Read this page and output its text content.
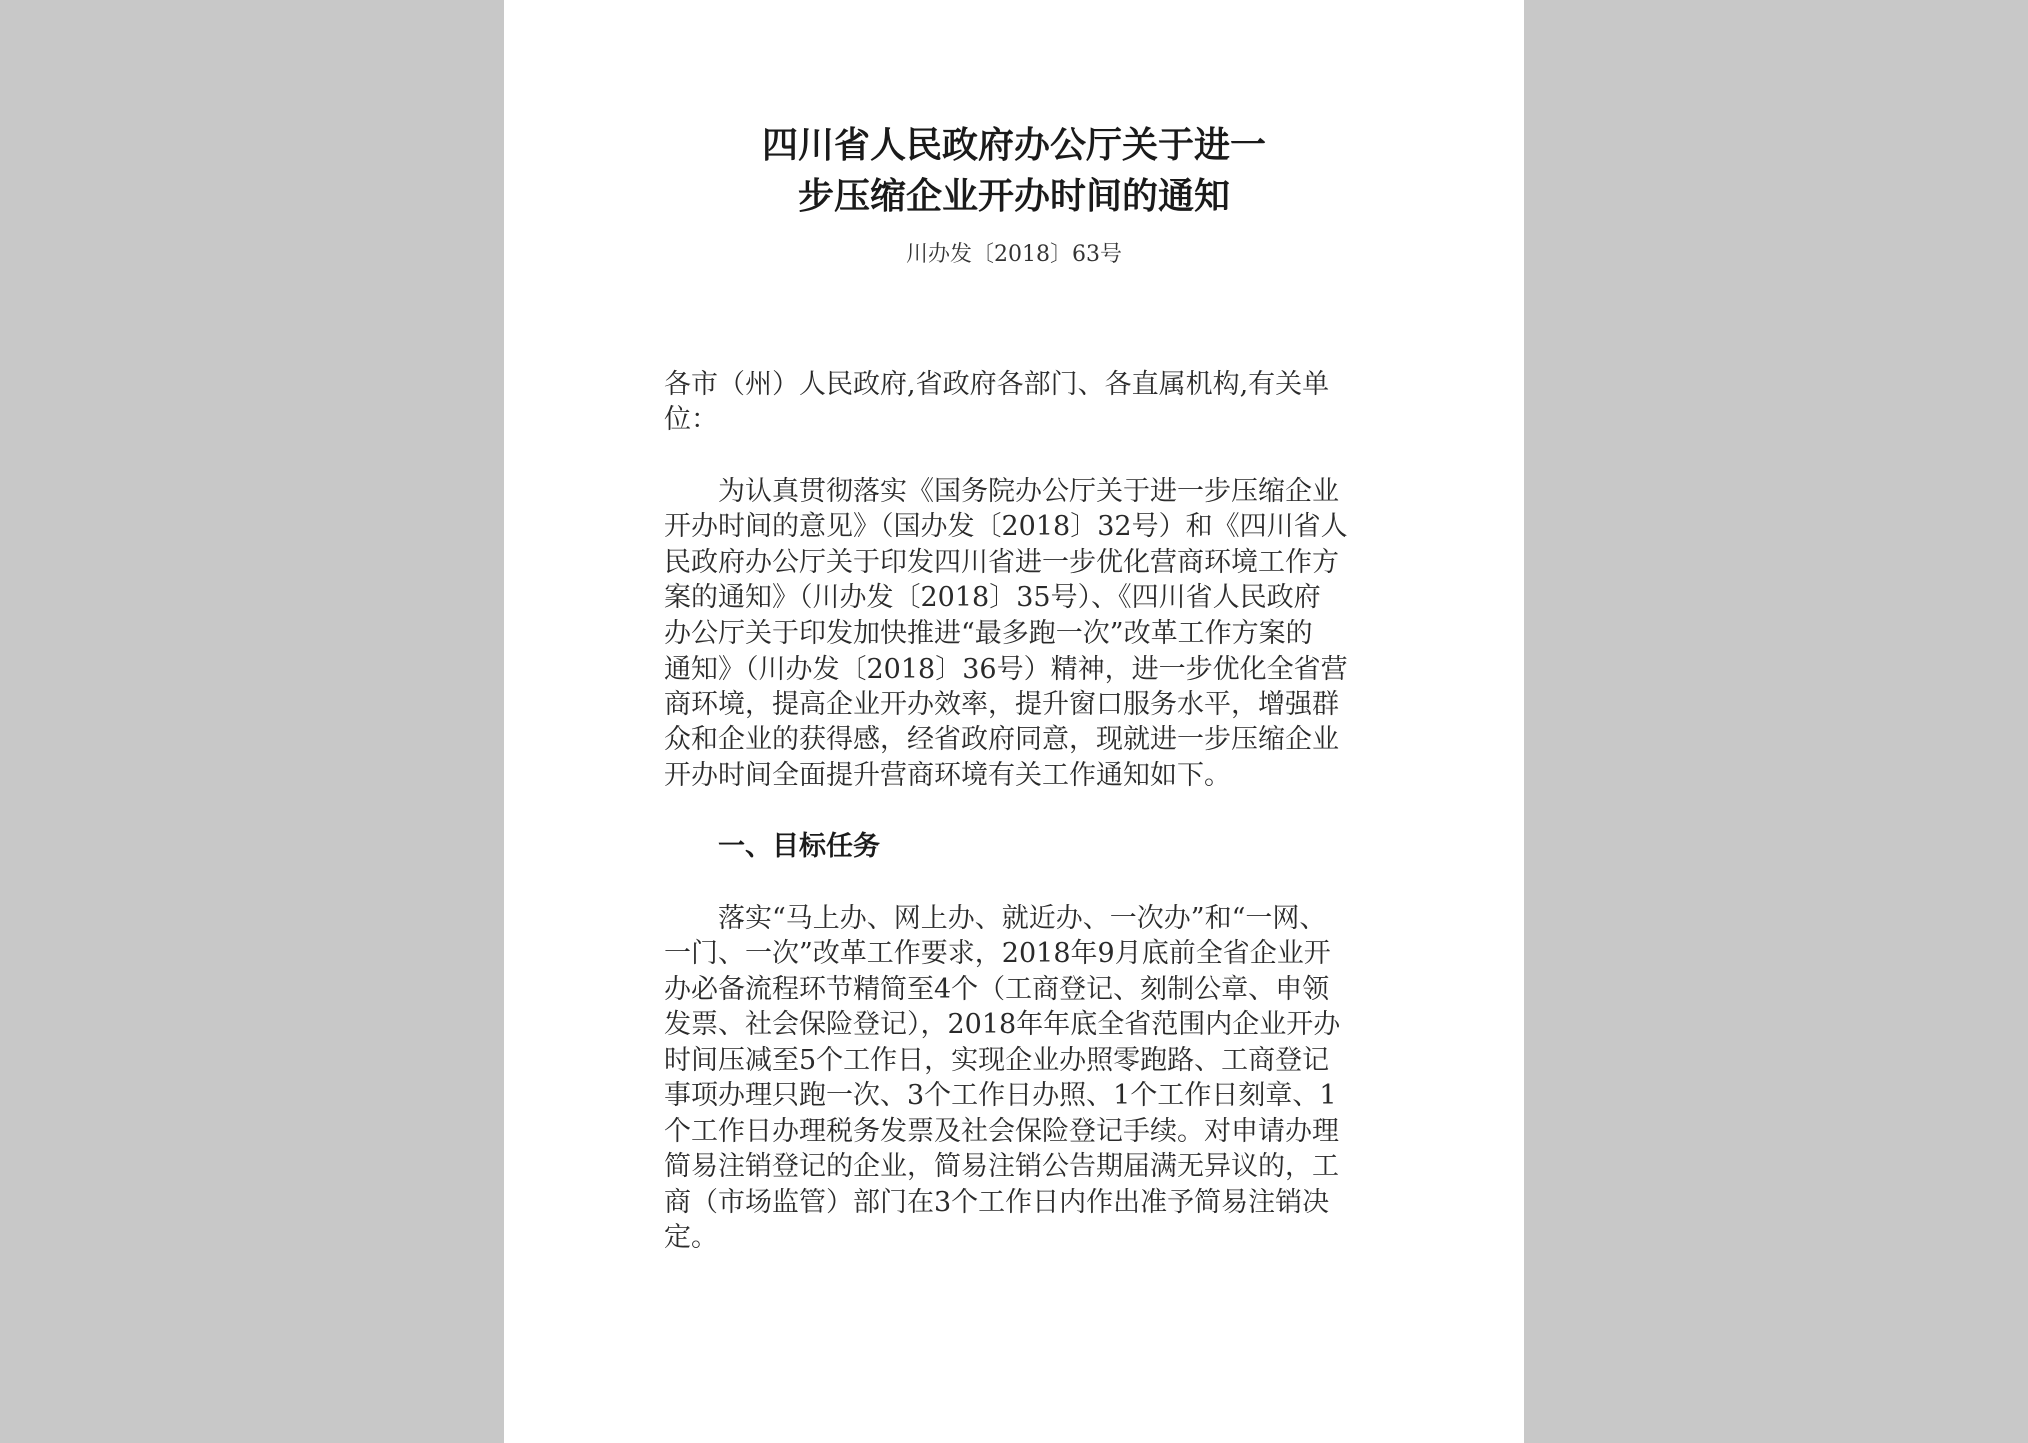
四川省人民政府办公厅关于进一
步压缩企业开办时间的通知
川办发〔2018〕63号
各市（州）人民政府,省政府各部门、各直属机构,有关单
位：
为认真贯彻落实《国务院办公厅关于进一步压缩企业
开办时间的意见》（国办发〔2018〕32号）和《四川省人
民政府办公厅关于印发四川省进一步优化营商环境工作方
案的通知》（川办发〔2018〕35号）、《四川省人民政府
办公厅关于印发加快推进“最多跑一次”改革工作方案的
通知》（川办发〔2018〕36号）精神，进一步优化全省营
商环境，提高企业开办效率，提升窗口服务水平，增强群
众和企业的获得感，经省政府同意，现就进一步压缩企业
开办时间全面提升营商环境有关工作通知如下。
一、目标任务
落实“马上办、网上办、就近办、一次办”和“一网、
一门、一次”改革工作要求，2018年9月底前全省企业开
办必备流程环节精简至4个（工商登记、刻制公章、申领
发票、社会保险登记），2018年年底全省范围内企业开办
时间压减至5个工作日，实现企业办照零跑路、工商登记
事项办理只跑一次、3个工作日办照、1个工作日刻章、1
个工作日办理税务发票及社会保险登记手续。对申请办理
简易注销登记的企业，简易注销公告期届满无异议的，工
商（市场监管）部门在3个工作日内作出准予简易注销决
定。
